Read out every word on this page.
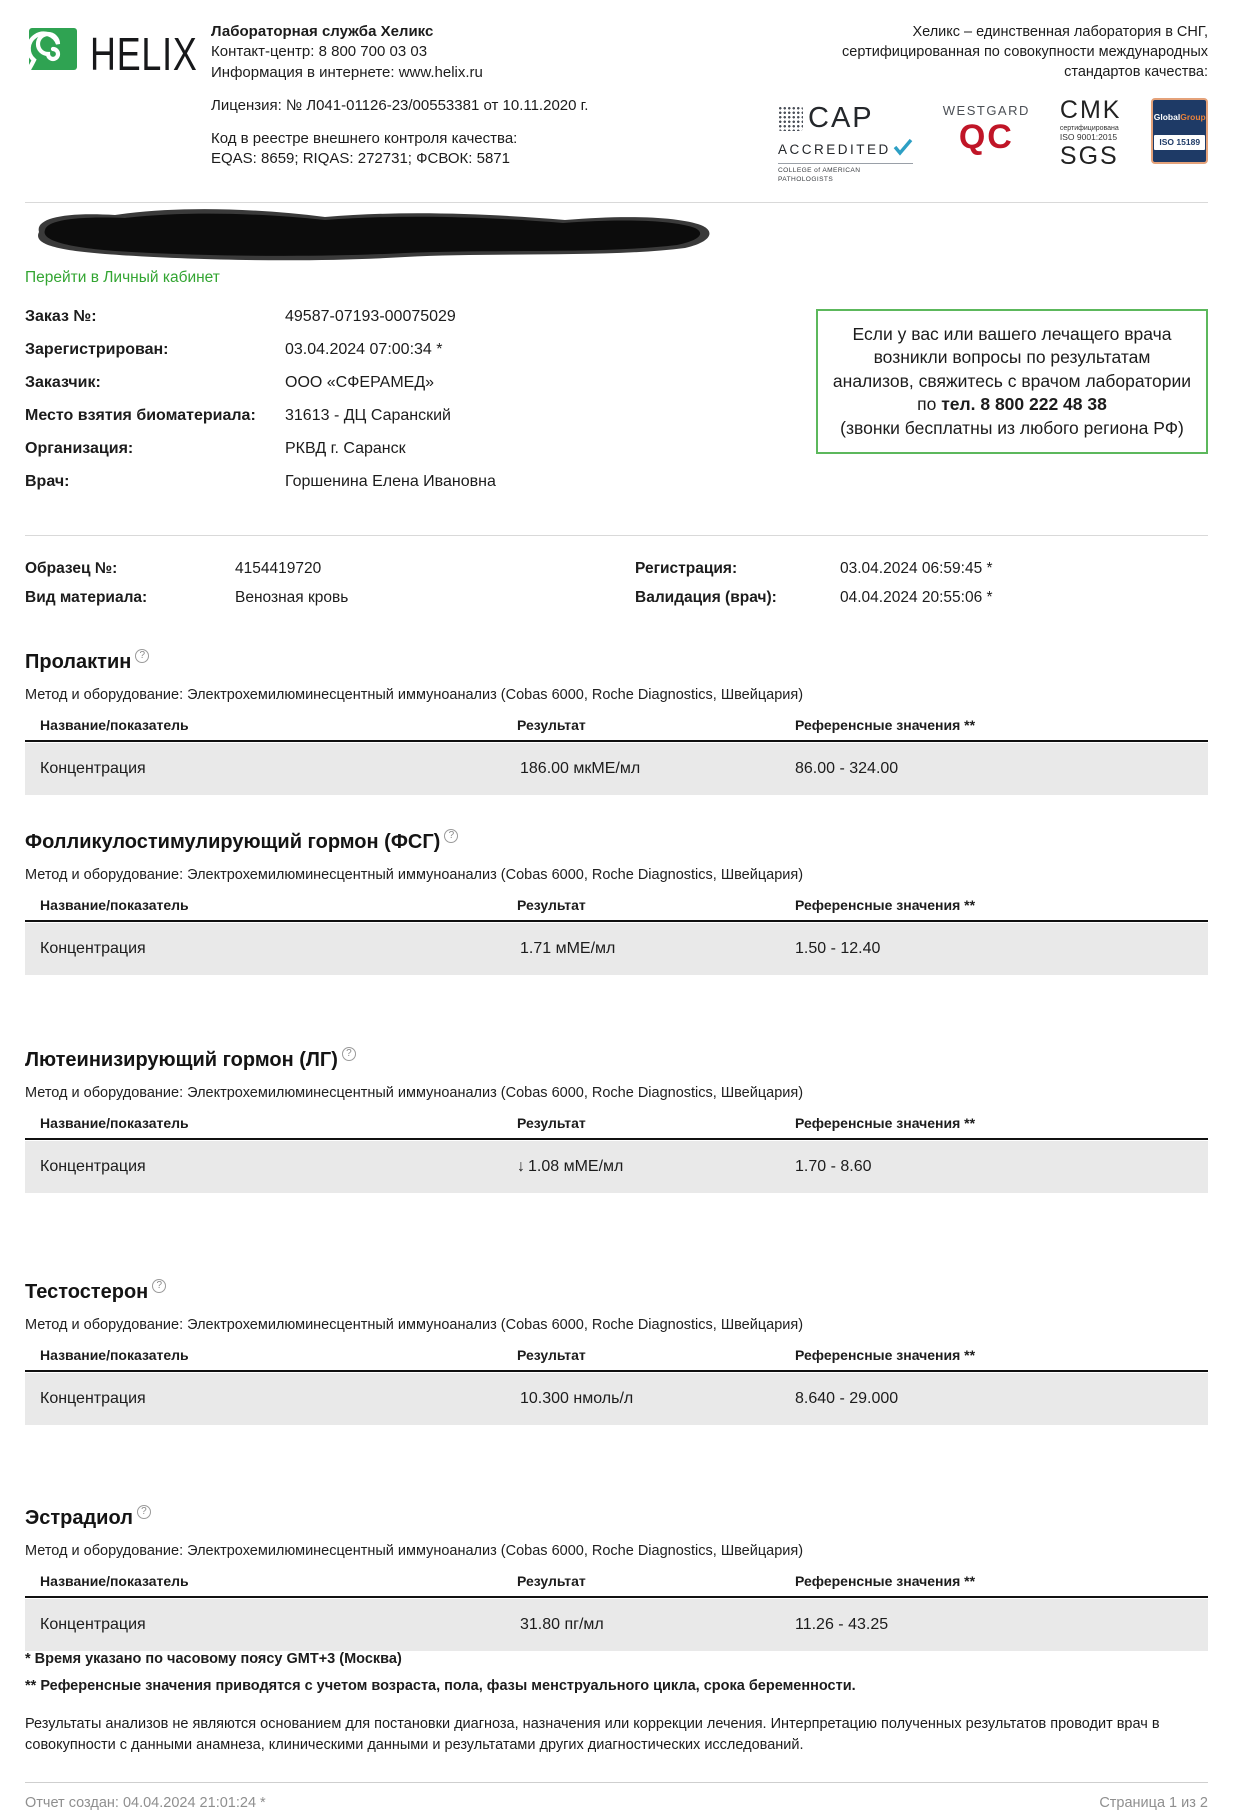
HELIX Лабораторная служба Хеликс
Контакт-центр: 8 800 700 03 03
Информация в интернете: www.helix.ru
Лицензия: № Л041-01126-23/00553381 от 10.11.2020 г.
Код в реестре внешнего контроля качества:
EQAS: 8659; RIQAS: 272731; ФСВОК: 5871
Хеликс – единственная лаборатория в СНГ, сертифицированная по совокупности международных стандартов качества:
CAP
ACCREDITED
COLLEGE of AMERICAN PATHOLOGISTS
WESTGARD
QC
CMK
сертифицирована
ISO 9001:2015
SGS
GlobalGroup
ISO 15189
Перейти в Личный кабинет
Заказ №:	49587-07193-00075029
Зарегистрирован:	03.04.2024 07:00:34 *
Заказчик:	ООО «СФЕРАМЕД»
Место взятия биоматериала:	31613 - ДЦ Саранский
Организация:	РКВД г. Саранск
Врач:	Горшенина Елена Ивановна
Если у вас или вашего лечащего врача возникли вопросы по результатам анализов, свяжитесь с врачом лаборатории по тел. 8 800 222 48 38
(звонки бесплатны из любого региона РФ)
Образец №:	4154419720	Регистрация:	03.04.2024 06:59:45 *
Вид материала:	Венозная кровь	Валидация (врач):	04.04.2024 20:55:06 *
Пролактин ?
Метод и оборудование: Электрохемилюминесцентный иммуноанализ (Cobas 6000, Roche Diagnostics, Швейцария)
Название/показатель	Результат	Референсные значения **
Концентрация	186.00 мкМЕ/мл	86.00 - 324.00
Фолликулостимулирующий гормон (ФСГ) ?
Метод и оборудование: Электрохемилюминесцентный иммуноанализ (Cobas 6000, Roche Diagnostics, Швейцария)
Название/показатель	Результат	Референсные значения **
Концентрация	1.71 мМЕ/мл	1.50 - 12.40
Лютеинизирующий гормон (ЛГ) ?
Метод и оборудование: Электрохемилюминесцентный иммуноанализ (Cobas 6000, Roche Diagnostics, Швейцария)
Название/показатель	Результат	Референсные значения **
Концентрация	↓ 1.08 мМЕ/мл	1.70 - 8.60
Тестостерон ?
Метод и оборудование: Электрохемилюминесцентный иммуноанализ (Cobas 6000, Roche Diagnostics, Швейцария)
Название/показатель	Результат	Референсные значения **
Концентрация	10.300 нмоль/л	8.640 - 29.000
Эстрадиол ?
Метод и оборудование: Электрохемилюминесцентный иммуноанализ (Cobas 6000, Roche Diagnostics, Швейцария)
Название/показатель	Результат	Референсные значения **
Концентрация	31.80 пг/мл	11.26 - 43.25
* Время указано по часовому поясу GMT+3 (Москва)
** Референсные значения приводятся с учетом возраста, пола, фазы менструального цикла, срока беременности.
Результаты анализов не являются основанием для постановки диагноза, назначения или коррекции лечения. Интерпретацию полученных результатов проводит врач в совокупности с данными анамнеза, клиническими данными и результатами других диагностических исследований.
Отчет создан: 04.04.2024 21:01:24 *	Страница 1 из 2
